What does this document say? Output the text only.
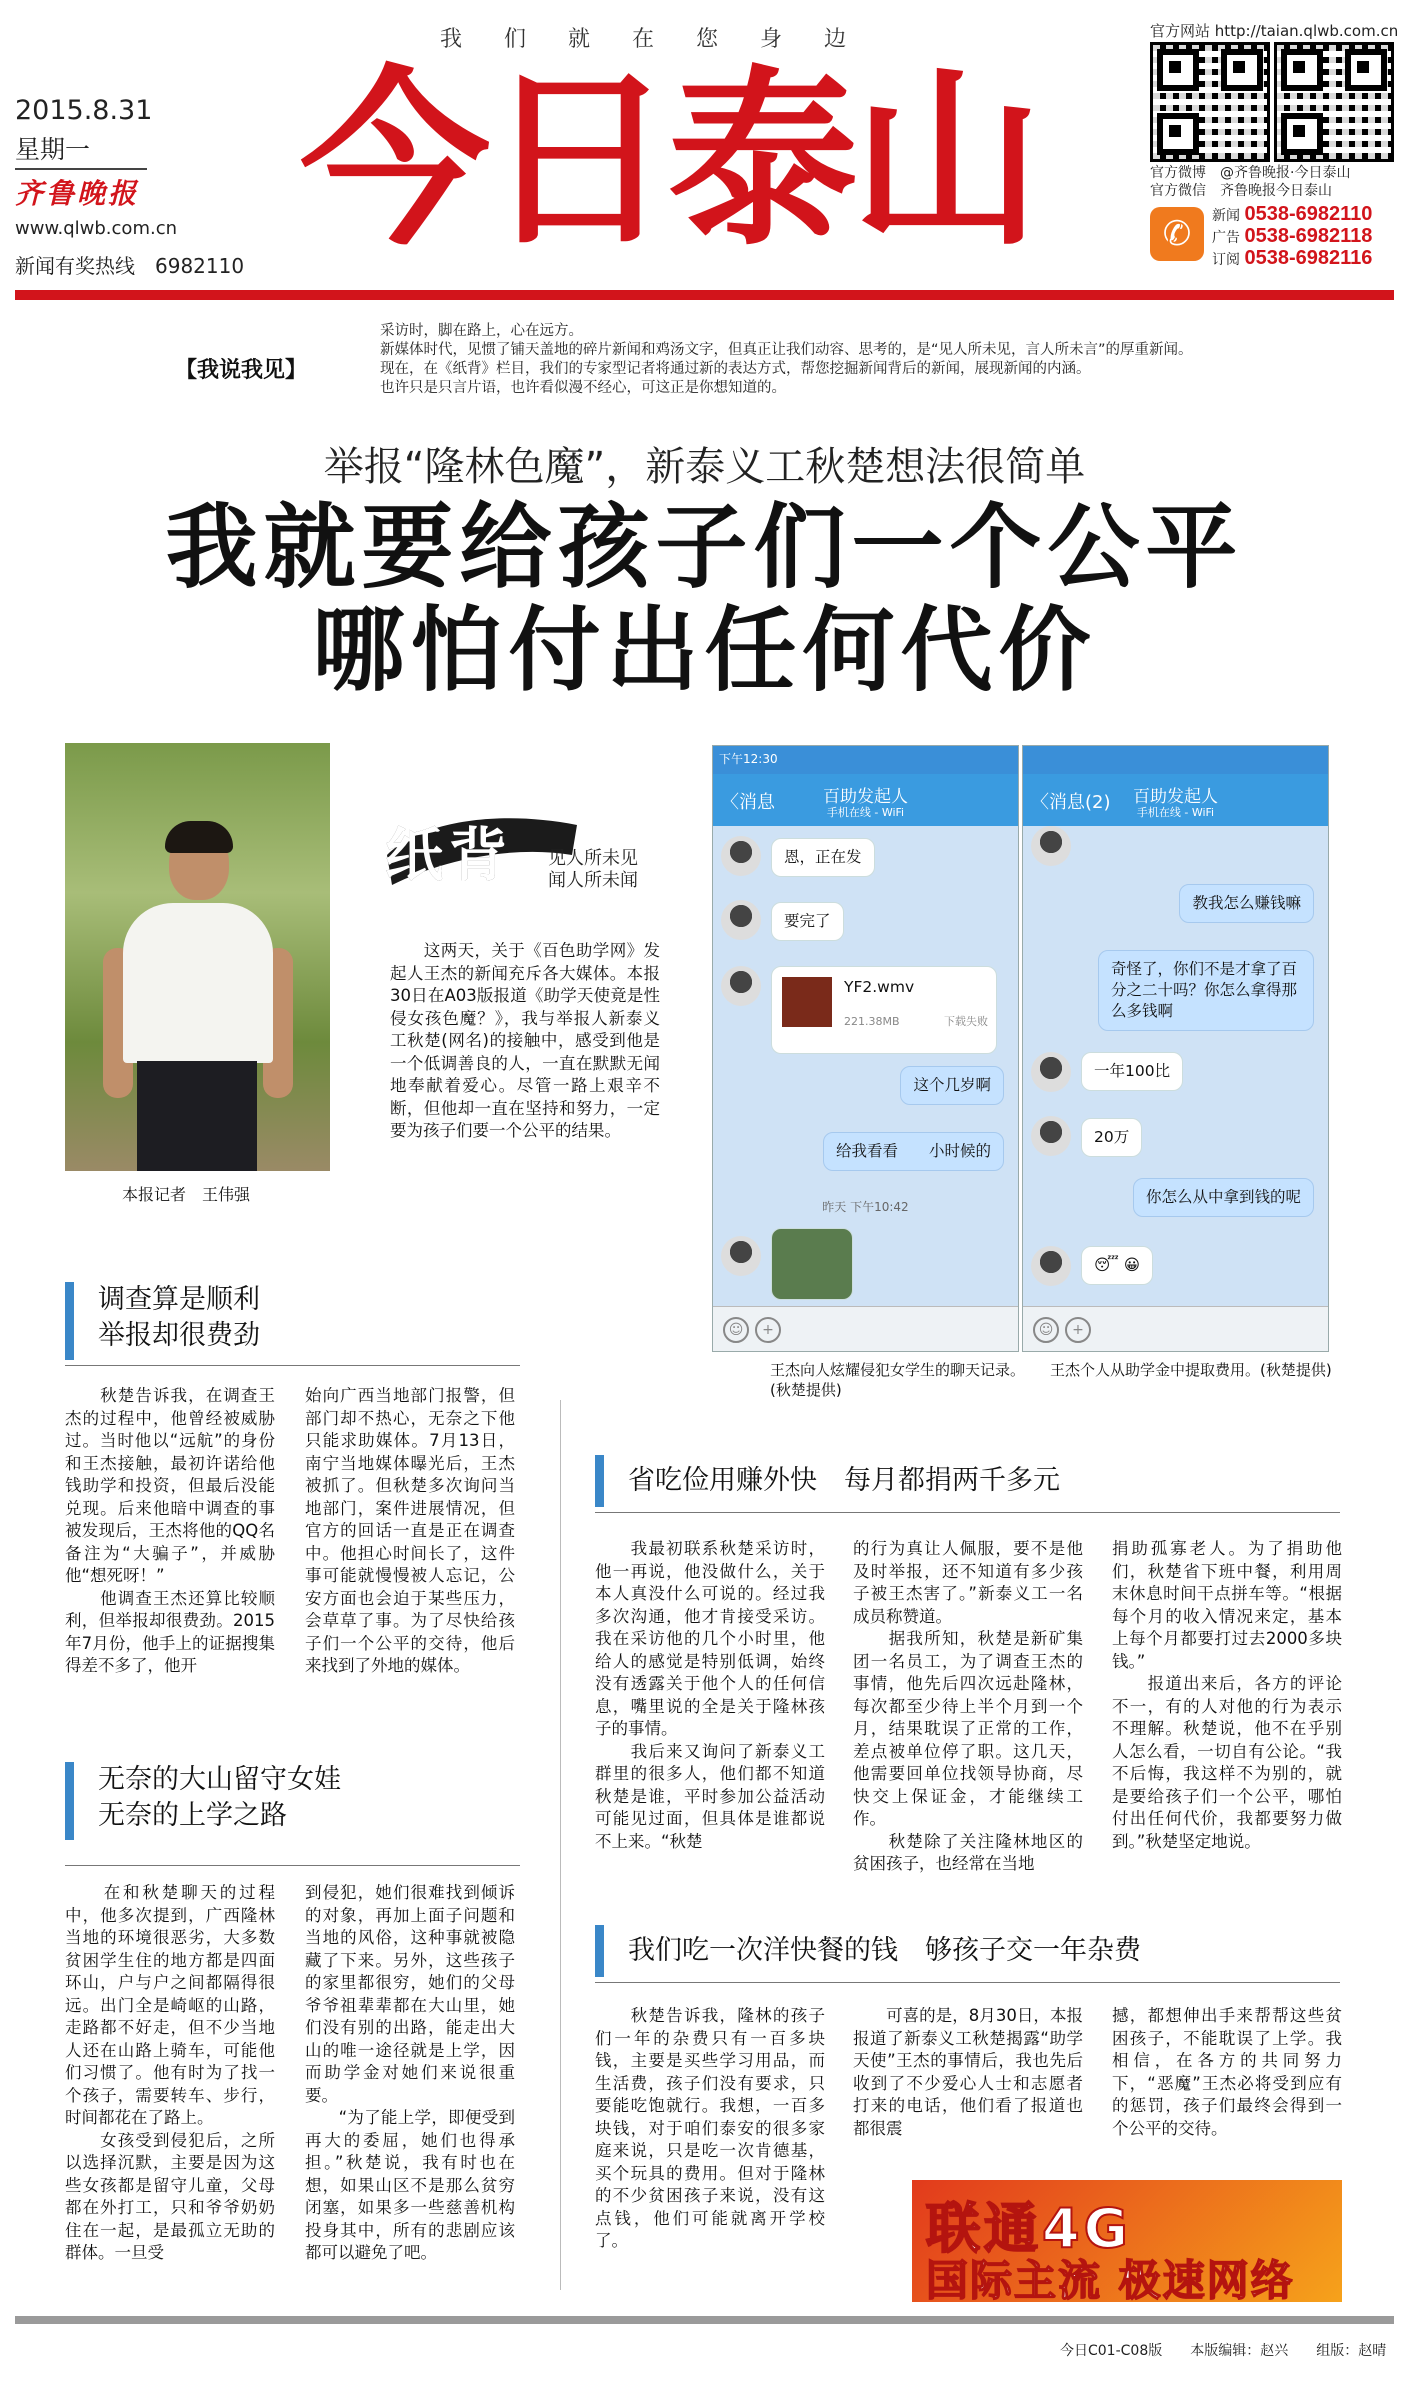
我们就在您身边
2015.8.31
星期一
齐鲁晚报
www.qlwb.com.cn
新闻有奖热线　6982110 今日泰山
官方网站 http://taian.qlwb.com.cn
官方微博　@齐鲁晚报·今日泰山
官方微信　齐鲁晚报今日泰山
✆	新闻 0538-6982110
广告 0538-6982118
订阅 0538-6982116
【我说我见】
采访时，脚在路上，心在远方。
新媒体时代，见惯了铺天盖地的碎片新闻和鸡汤文字，但真正让我们动容、思考的，是“见人所未见，言人所未言”的厚重新闻。
现在，在《纸背》栏目，我们的专家型记者将通过新的表达方式，帮您挖掘新闻背后的新闻，展现新闻的内涵。
也许只是只言片语，也许看似漫不经心，可这正是你想知道的。
举报“隆林色魔”，新泰义工秋楚想法很简单
我就要给孩子们一个公平
哪怕付出任何代价
本报记者　王伟强
纸背 见人所未见
闻人所未闻
　　这两天，关于《百色助学网》发起人王杰的新闻充斥各大媒体。本报30日在A03版报道《助学天使竟是性侵女孩色魔？》，我与举报人新泰义工秋楚(网名)的接触中，感受到他是一个低调善良的人，一直在默默无闻地奉献着爱心。尽管一路上艰辛不断，但他却一直在坚持和努力，一定要为孩子们要一个公平的结果。
下午12:30
〈消息	百助发起人
手机在线 - WiFi
恩，正在发
要完了
YF2.wmv
221.38MB	下载失败
这个几岁啊
给我看看　　小时候的
昨天 下午10:42
☺	+
〈消息(2)	百助发起人
手机在线 - WiFi
教我怎么赚钱嘛
奇怪了，你们不是才拿了百分之二十吗？你怎么拿得那么多钱啊
一年100比
20万
你怎么从中拿到钱的呢
😴 😀
☺	+
王杰向人炫耀侵犯女学生的聊天记录。(秋楚提供)
王杰个人从助学金中提取费用。(秋楚提供)
调查算是顺利
举报却很费劲
　　秋楚告诉我，在调查王杰的过程中，他曾经被威胁过。当时他以“远航”的身份和王杰接触，最初许诺给他钱助学和投资，但最后没能兑现。后来他暗中调查的事被发现后，王杰将他的QQ名备注为“大骗子”，并威胁他“想死呀！”
　　他调查王杰还算比较顺利，但举报却很费劲。2015年7月份，他手上的证据搜集得差不多了，他开
始向广西当地部门报警，但部门却不热心，无奈之下他只能求助媒体。7月13日，南宁当地媒体曝光后，王杰被抓了。但秋楚多次询问当地部门，案件进展情况，但官方的回话一直是正在调查中。他担心时间长了，这件事可能就慢慢被人忘记，公安方面也会迫于某些压力，会草草了事。为了尽快给孩子们一个公平的交待，他后来找到了外地的媒体。
无奈的大山留守女娃
无奈的上学之路
　　在和秋楚聊天的过程中，他多次提到，广西隆林当地的环境很恶劣，大多数贫困学生住的地方都是四面环山，户与户之间都隔得很远。出门全是崎岖的山路，走路都不好走，但不少当地人还在山路上骑车，可能他们习惯了。他有时为了找一个孩子，需要转车、步行，时间都花在了路上。
　　女孩受到侵犯后，之所以选择沉默，主要是因为这些女孩都是留守儿童，父母都在外打工，只和爷爷奶奶住在一起，是最孤立无助的群体。一旦受
到侵犯，她们很难找到倾诉的对象，再加上面子问题和当地的风俗，这种事就被隐藏了下来。另外，这些孩子的家里都很穷，她们的父母爷爷祖辈辈都在大山里，她们没有别的出路，能走出大山的唯一途径就是上学，因而助学金对她们来说很重要。
　　“为了能上学，即便受到再大的委屈，她们也得承担。”秋楚说，我有时也在想，如果山区不是那么贫穷闭塞，如果多一些慈善机构投身其中，所有的悲剧应该都可以避免了吧。
省吃俭用赚外快　每月都捐两千多元
　　我最初联系秋楚采访时，他一再说，他没做什么，关于本人真没什么可说的。经过我多次沟通，他才肯接受采访。我在采访他的几个小时里，他给人的感觉是特别低调，始终没有透露关于他个人的任何信息，嘴里说的全是关于隆林孩子的事情。
　　我后来又询问了新泰义工群里的很多人，他们都不知道秋楚是谁，平时参加公益活动可能见过面，但具体是谁都说不上来。“秋楚
的行为真让人佩服，要不是他及时举报，还不知道有多少孩子被王杰害了。”新泰义工一名成员称赞道。
　　据我所知，秋楚是新矿集团一名员工，为了调查王杰的事情，他先后四次远赴隆林，每次都至少待上半个月到一个月，结果耽误了正常的工作，差点被单位停了职。这几天，他需要回单位找领导协商，尽快交上保证金，才能继续工作。
　　秋楚除了关注隆林地区的贫困孩子，也经常在当地
捐助孤寡老人。为了捐助他们，秋楚省下班中餐，利用周末休息时间干点拼车等。“根据每个月的收入情况来定，基本上每个月都要打过去2000多块钱。”
　　报道出来后，各方的评论不一，有的人对他的行为表示不理解。秋楚说，他不在乎别人怎么看，一切自有公论。“我不后悔，我这样不为别的，就是要给孩子们一个公平，哪怕付出任何代价，我都要努力做到。”秋楚坚定地说。
我们吃一次洋快餐的钱　够孩子交一年杂费
　　秋楚告诉我，隆林的孩子们一年的杂费只有一百多块钱，主要是买些学习用品，而生活费，孩子们没有要求，只要能吃饱就行。我想，一百多块钱，对于咱们泰安的很多家庭来说，只是吃一次肯德基，买个玩具的费用。但对于隆林的不少贫困孩子来说，没有这点钱，他们可能就离开学校了。
　　可喜的是，8月30日，本报报道了新泰义工秋楚揭露“助学天使”王杰的事情后，我也先后收到了不少爱心人士和志愿者打来的电话，他们看了报道也都很震
撼，都想伸出手来帮帮这些贫困孩子，不能耽误了上学。我相信，在各方的共同努力下，“恶魔”王杰必将受到应有的惩罚，孩子们最终会得到一个公平的交待。
联通4G
国际主流 极速网络
今日C01-C08版　　本版编辑：赵兴　　组版：赵晴
